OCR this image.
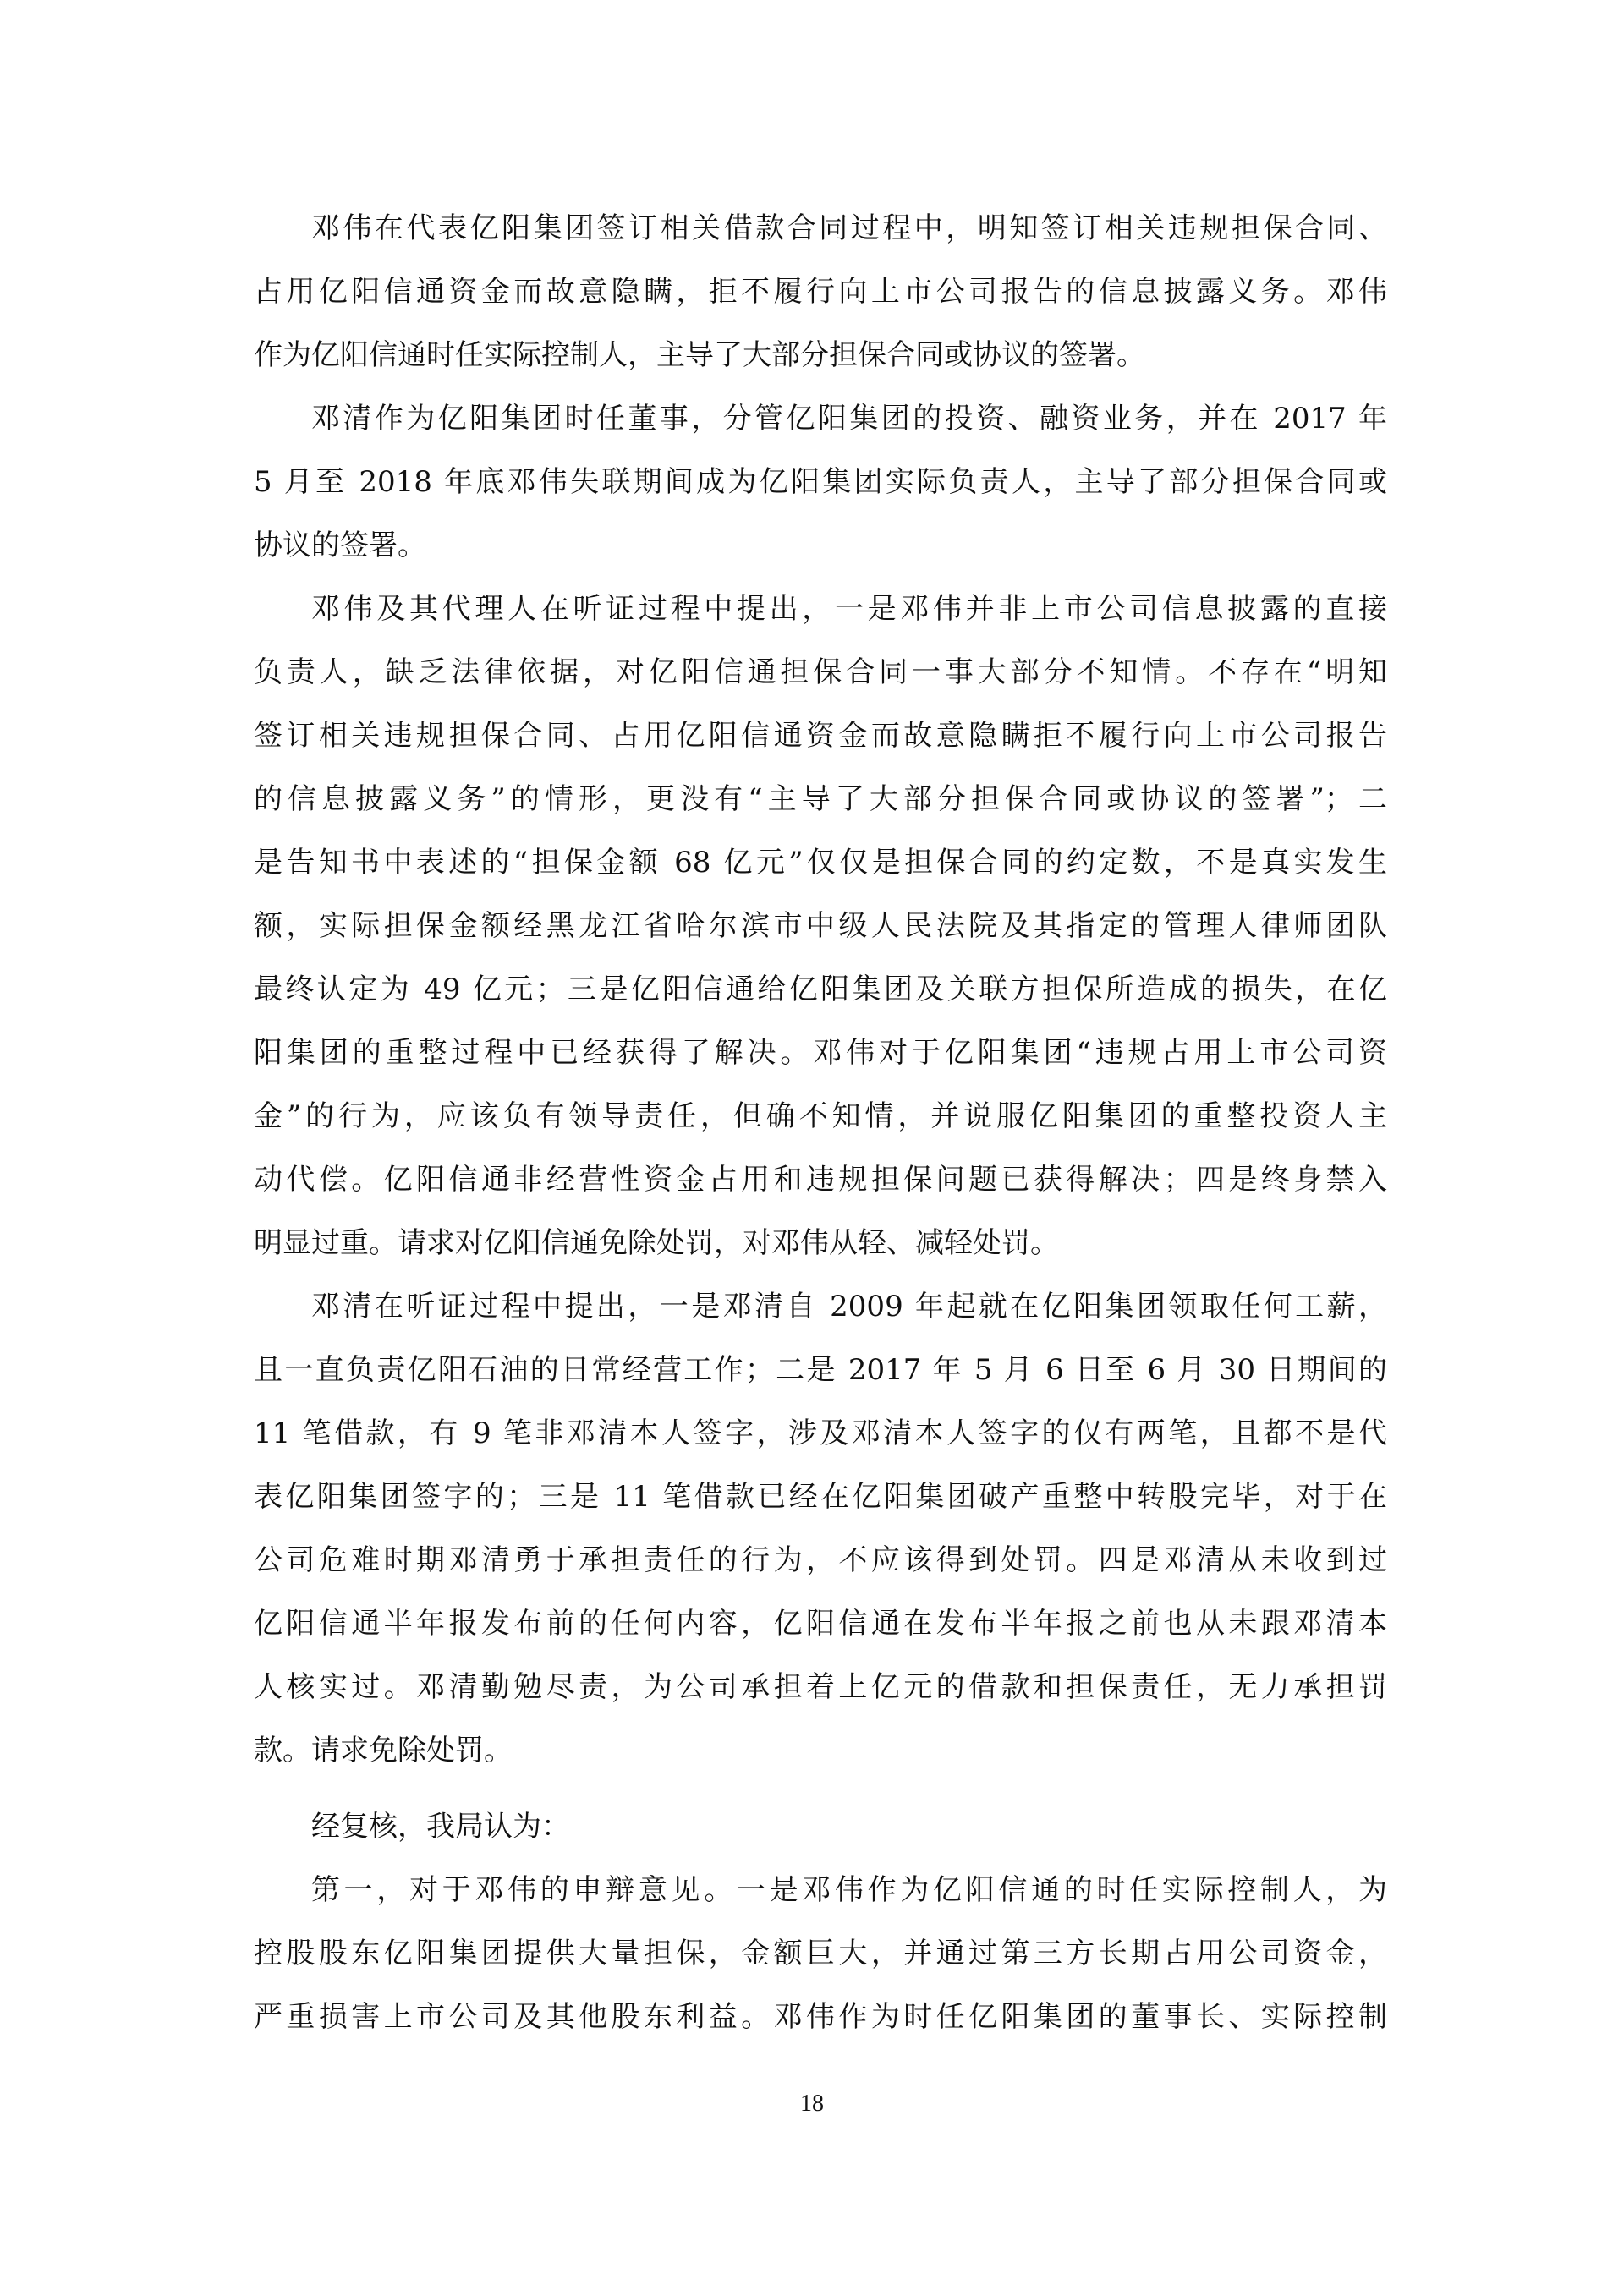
邓伟在代表亿阳集团签订相关借款合同过程中，明知签订相关违规担保合同、
占用亿阳信通资金而故意隐瞒，拒不履行向上市公司报告的信息披露义务。邓伟
作为亿阳信通时任实际控制人，主导了大部分担保合同或协议的签署。
邓清作为亿阳集团时任董事，分管亿阳集团的投资、融资业务，并在 2017 年
5 月至 2018 年底邓伟失联期间成为亿阳集团实际负责人，主导了部分担保合同或
协议的签署。
邓伟及其代理人在听证过程中提出，一是邓伟并非上市公司信息披露的直接
负责人，缺乏法律依据，对亿阳信通担保合同一事大部分不知情。不存在“明知
签订相关违规担保合同、占用亿阳信通资金而故意隐瞒拒不履行向上市公司报告
的信息披露义务”的情形，更没有“主导了大部分担保合同或协议的签署”；二
是告知书中表述的“担保金额 68 亿元”仅仅是担保合同的约定数，不是真实发生
额，实际担保金额经黑龙江省哈尔滨市中级人民法院及其指定的管理人律师团队
最终认定为 49 亿元；三是亿阳信通给亿阳集团及关联方担保所造成的损失，在亿
阳集团的重整过程中已经获得了解决。邓伟对于亿阳集团“违规占用上市公司资
金”的行为，应该负有领导责任，但确不知情，并说服亿阳集团的重整投资人主
动代偿。亿阳信通非经营性资金占用和违规担保问题已获得解决；四是终身禁入
明显过重。请求对亿阳信通免除处罚，对邓伟从轻、减轻处罚。
邓清在听证过程中提出，一是邓清自 2009 年起就在亿阳集团领取任何工薪，
且一直负责亿阳石油的日常经营工作；二是 2017 年 5 月 6 日至 6 月 30 日期间的
11 笔借款，有 9 笔非邓清本人签字，涉及邓清本人签字的仅有两笔，且都不是代
表亿阳集团签字的；三是 11 笔借款已经在亿阳集团破产重整中转股完毕，对于在
公司危难时期邓清勇于承担责任的行为，不应该得到处罚。四是邓清从未收到过
亿阳信通半年报发布前的任何内容，亿阳信通在发布半年报之前也从未跟邓清本
人核实过。邓清勤勉尽责，为公司承担着上亿元的借款和担保责任，无力承担罚
款。请求免除处罚。
经复核，我局认为：
第一，对于邓伟的申辩意见。一是邓伟作为亿阳信通的时任实际控制人，为
控股股东亿阳集团提供大量担保，金额巨大，并通过第三方长期占用公司资金，
严重损害上市公司及其他股东利益。邓伟作为时任亿阳集团的董事长、实际控制
18
